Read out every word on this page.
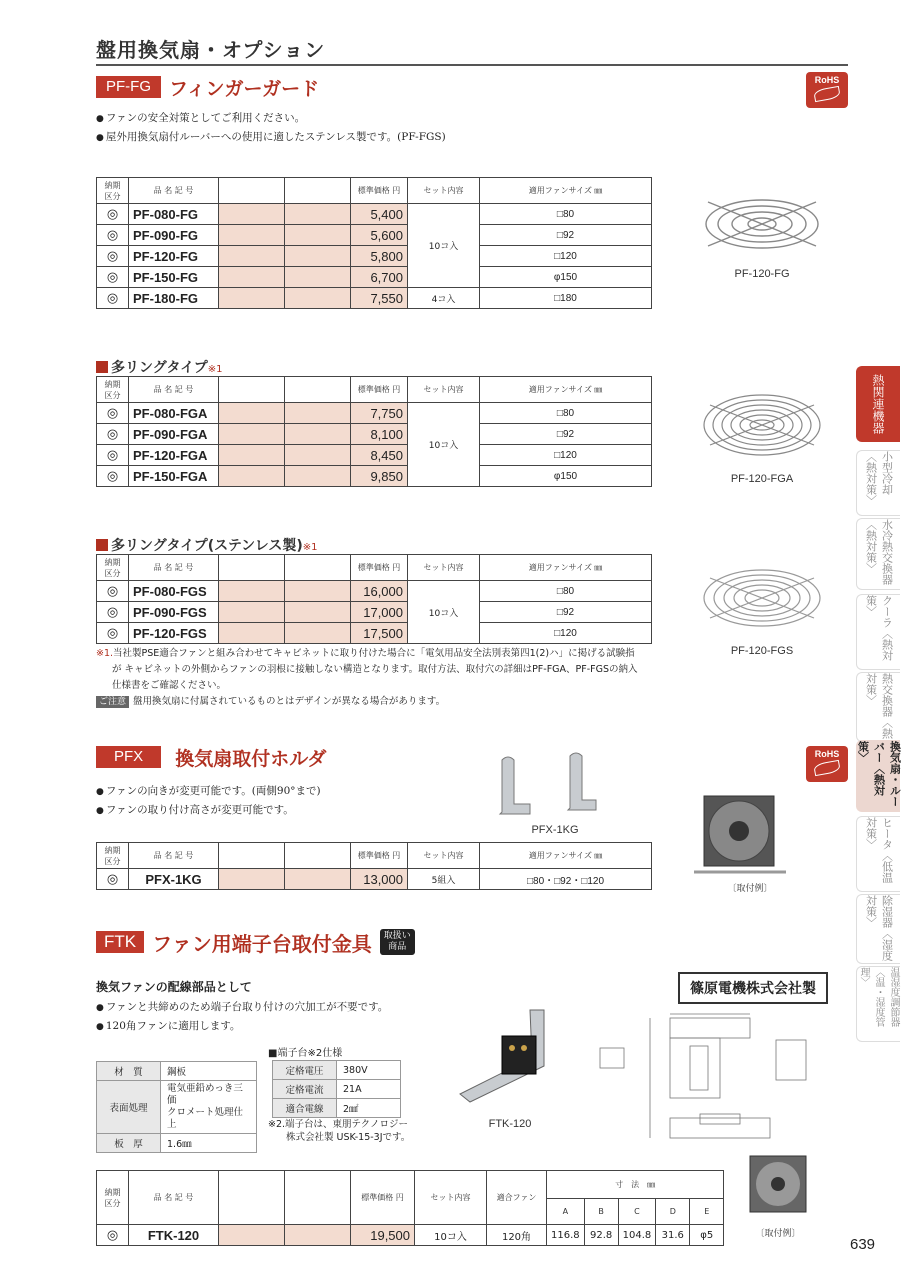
盤用換気扇・オプション
PF-FG フィンガーガード	RoHS
● ファンの安全対策としてご利用ください。
● 屋外用換気扇付ルーバーへの使用に適したステンレス製です。(PF-FGS)
納期
区分	品 名 記 号			標準価格 円	セット内容	適用ファンサイズ ㎜
◎	PF-080-FG			5,400	10コ入	□80
◎	PF-090-FG			5,600		□92
◎	PF-120-FG			5,800		□120
◎	PF-150-FG			6,700		φ150
◎	PF-180-FG			7,550	4コ入	□180
PF-120-FG
PF-120-FGA
PF-120-FGS
多リングタイプ※1
納期
区分	品 名 記 号			標準価格 円	セット内容	適用ファンサイズ ㎜
◎	PF-080-FGA			7,750	10コ入	□80
◎	PF-090-FGA			8,100		□92
◎	PF-120-FGA			8,450		□120
◎	PF-150-FGA			9,850		φ150
多リングタイプ(ステンレス製)※1
納期
区分	品 名 記 号			標準価格 円	セット内容	適用ファンサイズ ㎜
◎	PF-080-FGS			16,000	10コ入	□80
◎	PF-090-FGS			17,000		□92
◎	PF-120-FGS			17,500		□120
※1.当社製PSE適合ファンと組み合わせてキャビネットに取り付けた場合に「電気用品安全法別表第四1(2)ハ」に掲げる試験指
が キャビネットの外側からファンの羽根に接触しない構造となります。取付方法、取付穴の詳細はPF-FGA、PF-FGSの納入
仕様書をご確認ください。
ご注意 盤用換気扇に付属されているものとはデザインが異なる場合があります。
PFX	換気扇取付ホルダ	RoHS
● ファンの向きが変更可能です。(両側90°まで)
● ファンの取り付け高さが変更可能です。
PFX-1KG
〔取付例〕
納期
区分	品 名 記 号			標準価格 円	セット内容	適用ファンサイズ ㎜
◎	PFX-1KG			13,000	5組入	□80・□92・□120
FTK ファン用端子台取付金具	取扱い
商品
換気ファンの配線部品として	篠原電機株式会社製
● ファンと共締めのため端子台取り付けの穴加工が不要です。
● 120角ファンに適用します。
材　質	鋼板
表面処理	電気亜鉛めっき三価
クロメート処理仕上
板　厚	1.6㎜
■端子台※2仕様
定格電圧	380V
定格電流	21A
適合電線	2㎟
※2.端子台は、東朋テクノロジー
株式会社製 USK-15-3Jです。
FTK-120
納期
区分	品 名 記 号			標準価格 円	セット内容	適合ファン	寸　法　㎜				
							A	B	C	D	E
◎	FTK-120			19,500	10コ入	120角	116.8	92.8	104.8	31.6	φ5	〔取付例〕
639
熱関連機器
小型冷却〈熱対策〉
水冷熱交換器〈熱対策〉
クーラ〈熱対策〉
熱交換器〈熱対策〉
換気扇・ルーバー〈熱対策〉
ヒータ〈低温対策〉
除湿器〈湿度対策〉
温湿度調節器〈温・湿度管理〉
